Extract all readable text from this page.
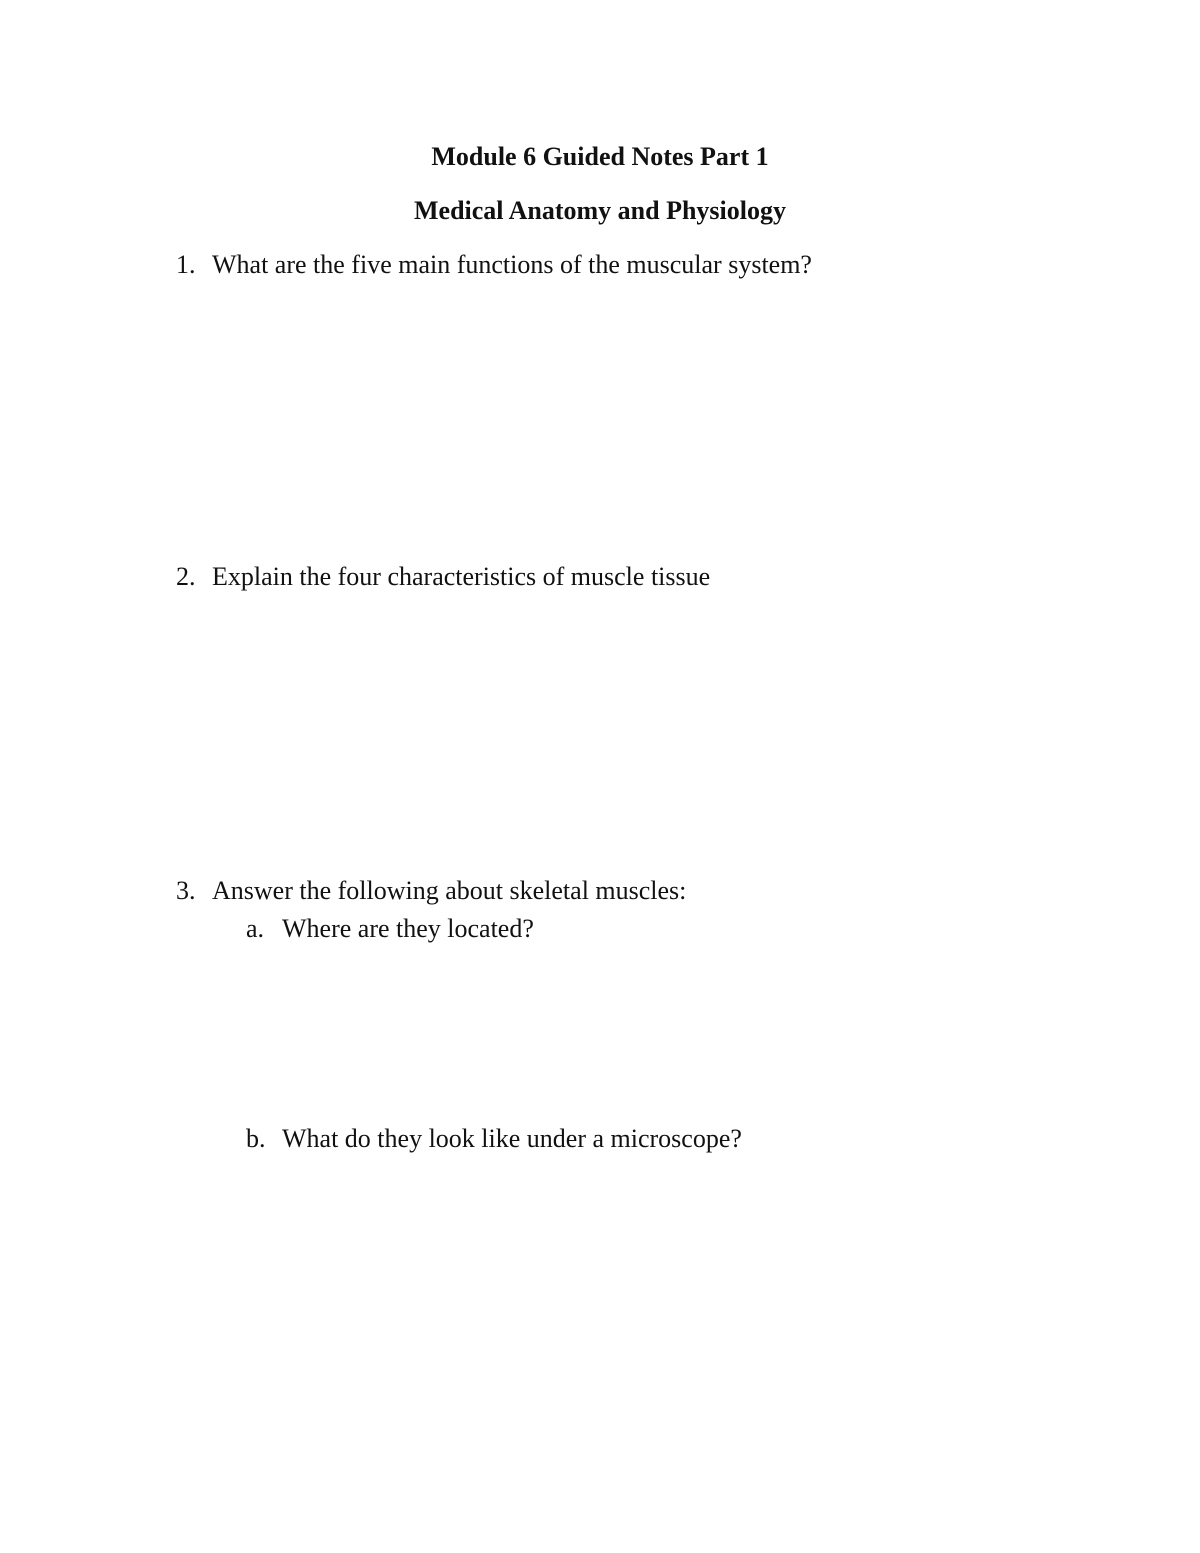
Module 6 Guided Notes Part 1
Medical Anatomy and Physiology
1. What are the five main functions of the muscular system?
2. Explain the four characteristics of muscle tissue
3. Answer the following about skeletal muscles:
a. Where are they located?
b. What do they look like under a microscope?
